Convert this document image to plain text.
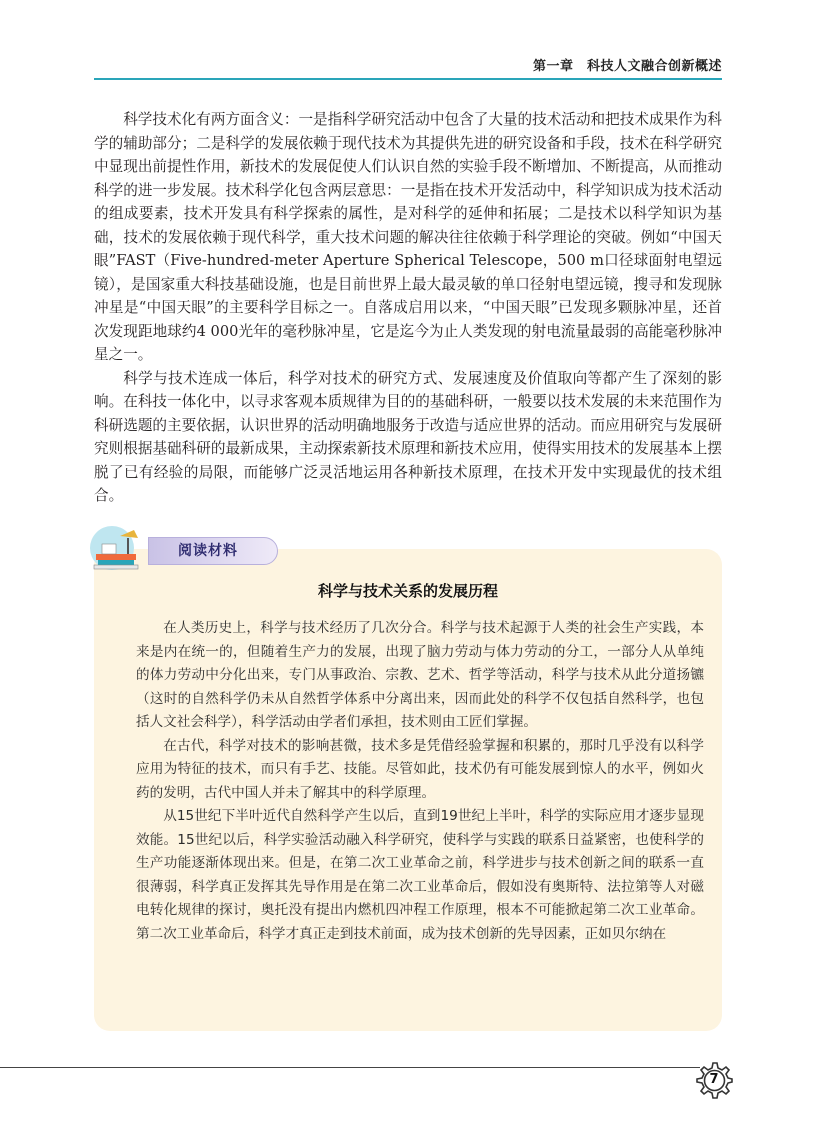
第一章　科技人文融合创新概述

科学技术化有两方面含义：一是指科学研究活动中包含了大量的技术活动和把技术成果作为科学的辅助部分；二是科学的发展依赖于现代技术为其提供先进的研究设备和手段，技术在科学研究中显现出前提性作用，新技术的发展促使人们认识自然的实验手段不断增加、不断提高，从而推动科学的进一步发展。技术科学化包含两层意思：一是指在技术开发活动中，科学知识成为技术活动的组成要素，技术开发具有科学探索的属性，是对科学的延伸和拓展；二是技术以科学知识为基础，技术的发展依赖于现代科学，重大技术问题的解决往往依赖于科学理论的突破。例如“中国天眼”FAST（Five-hundred-meter Aperture Spherical Telescope，500 m口径球面射电望远镜），是国家重大科技基础设施，也是目前世界上最大最灵敏的单口径射电望远镜，搜寻和发现脉冲星是“中国天眼”的主要科学目标之一。自落成启用以来，“中国天眼”已发现多颗脉冲星，还首次发现距地球约4 000光年的毫秒脉冲星，它是迄今为止人类发现的射电流量最弱的高能毫秒脉冲星之一。

科学与技术连成一体后，科学对技术的研究方式、发展速度及价值取向等都产生了深刻的影响。在科技一体化中，以寻求客观本质规律为目的的基础科研，一般要以技术发展的未来范围作为科研选题的主要依据，认识世界的活动明确地服务于改造与适应世界的活动。而应用研究与发展研究则根据基础科研的最新成果，主动探索新技术原理和新技术应用，使得实用技术的发展基本上摆脱了已有经验的局限，而能够广泛灵活地运用各种新技术原理，在技术开发中实现最优的技术组合。

阅读材料
科学与技术关系的发展历程

在人类历史上，科学与技术经历了几次分合。科学与技术起源于人类的社会生产实践，本来是内在统一的，但随着生产力的发展，出现了脑力劳动与体力劳动的分工，一部分人从单纯的体力劳动中分化出来，专门从事政治、宗教、艺术、哲学等活动，科学与技术从此分道扬镳（这时的自然科学仍未从自然哲学体系中分离出来，因而此处的科学不仅包括自然科学，也包括人文社会科学），科学活动由学者们承担，技术则由工匠们掌握。

在古代，科学对技术的影响甚微，技术多是凭借经验掌握和积累的，那时几乎没有以科学应用为特征的技术，而只有手艺、技能。尽管如此，技术仍有可能发展到惊人的水平，例如火药的发明，古代中国人并未了解其中的科学原理。

从15世纪下半叶近代自然科学产生以后，直到19世纪上半叶，科学的实际应用才逐步显现效能。15世纪以后，科学实验活动融入科学研究，使科学与实践的联系日益紧密，也使科学的生产功能逐渐体现出来。但是，在第二次工业革命之前，科学进步与技术创新之间的联系一直很薄弱，科学真正发挥其先导作用是在第二次工业革命后，假如没有奥斯特、法拉第等人对磁电转化规律的探讨，奥托没有提出内燃机四冲程工作原理，根本不可能掀起第二次工业革命。第二次工业革命后，科学才真正走到技术前面，成为技术创新的先导因素，正如贝尔纳在

7
